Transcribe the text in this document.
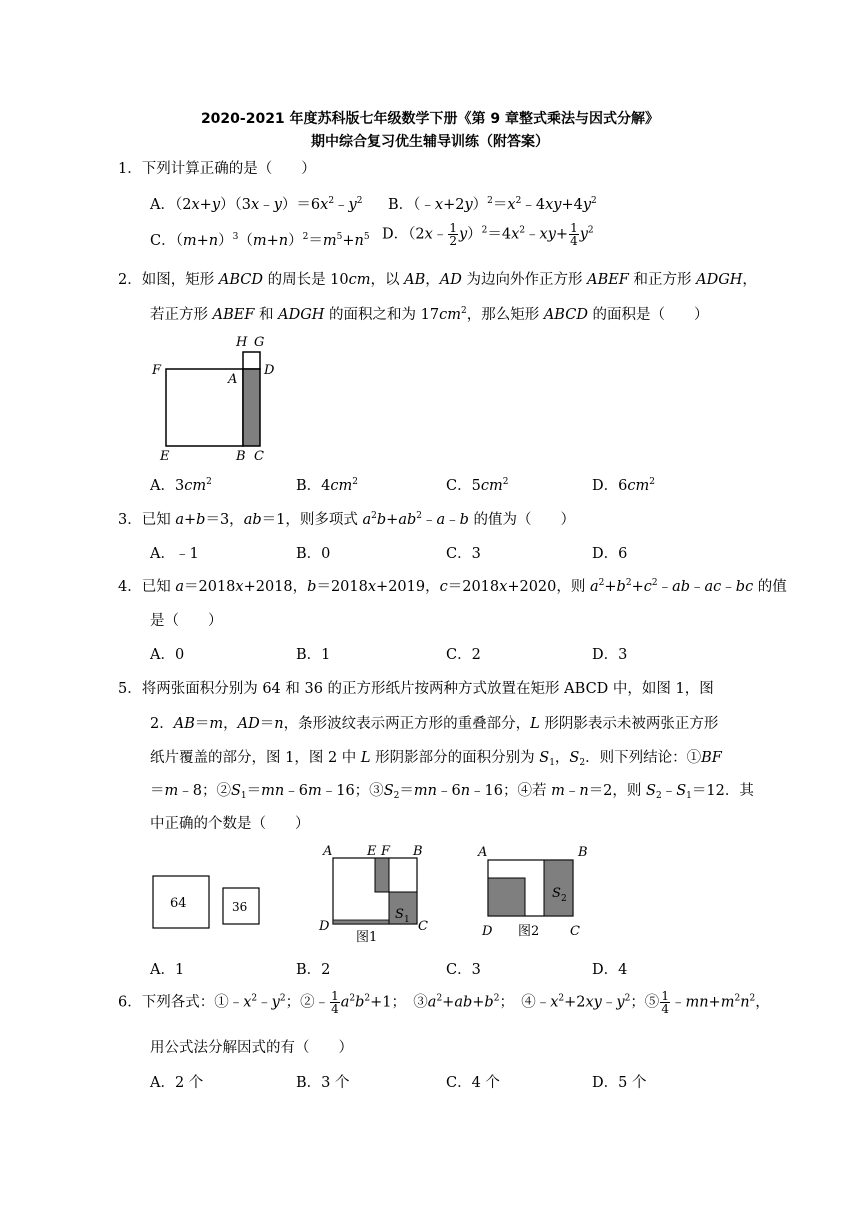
2020-2021 年度苏科版七年级数学下册《第 9 章整式乘法与因式分解》
期中综合复习优生辅导训练（附答案）
1．下列计算正确的是（　　）
A．$(2x+y)(3x﹣y)=6x^2﹣y^2$ B．$(﹣x+2y)^2=x^2﹣4xy+4y^2$
C．$(m+n)^3(m+n)^2=m^5+n^5$ D．（2x﹣ $\frac{1}{2}$ $y)^2=4x^2﹣xy+ \frac{1}{4} y^2$
2．如图，矩形 ABCD 的周长是 10cm，以 AB，AD 为边向外作正方形 ABEF 和正方形 ADGH，
若正方形 ABEF 和 ADGH 的面积之和为 $17cm^2$，那么矩形 ABCD 的面积是（　　）
H G
F
A
D
E	B C
A．$3cm^2$	B．$4cm^2$	C．$5cm^2$	D．$6cm^2$
3．已知 a+b＝3，ab＝1，则多项式 $a^2b+ab^2﹣a﹣b$ 的值为（　　）
A．﹣1	B．0	C．3	D．6
4．已知 a＝2018x+2018，b＝2018x+2019，c＝2018x+2020，则 $a^2+b^2+c^2﹣ab﹣ac﹣bc$ 的值
是（　　）
A．0	B．1	C．2	D．3
5．将两张面积分别为 64 和 36 的正方形纸片按两种方式放置在矩形 ABCD 中，如图 1，图
2．AB＝m，AD＝n，条形波纹表示两正方形的重叠部分，L 形阴影表示未被两张正方形
纸片覆盖的部分，图 1，图 2 中 L 形阴影部分的面积分别为 $S_1$，$S_2$．则下列结论：①BF
＝m﹣8；$②S_1=mn﹣6m﹣16$；$③S_2=mn﹣6n﹣16$；④若 m﹣n＝2，则 $S_2﹣S_1=12$．其
中正确的个数是（　　）
64	36
A	E F B
D	C
S 1
图1
A	B
D	C
S 2
图2
A．1	B．2	C．3	D．4
6．下列各式：$①﹣x^2﹣y^2$；②﹣ $\frac{1}{4} a^2b^2+1$；　$③a^2+ab+b^2$；　$④﹣x^2+2xy﹣y^2$；⑤ $\frac{1}{4}$ $﹣mn+m^2n^2$，
用公式法分解因式的有（　　）
A．2 个	B．3 个	C．4 个	D．5 个
